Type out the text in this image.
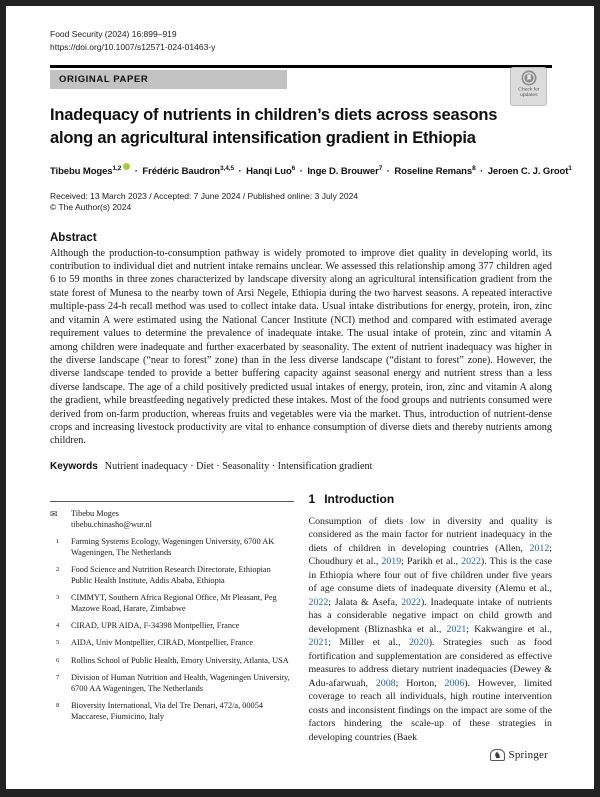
Food Security (2024) 16:899–919
https://doi.org/10.1007/s12571-024-01463-y
ORIGINAL PAPER
Check for
updates
Inadequacy of nutrients in children’s diets across seasons along an agricultural intensification gradient in Ethiopia
Tibebu Moges$^{1,2}$ · Frédéric Baudron$^{3,4,5}$ · Hanqi Luo$^6$ · Inge D. Brouwer$^7$ · Roseline Remans$^8$ · Jeroen C. J. Groot$^1$
Received: 13 March 2023 / Accepted: 7 June 2024 / Published online: 3 July 2024
© The Author(s) 2024
Abstract

Although the production-to-consumption pathway is widely promoted to improve diet quality in developing world, its contribution to individual diet and nutrient intake remains unclear. We assessed this relationship among 377 children aged 6 to 59 months in three zones characterized by landscape diversity along an agricultural intensification gradient from the state forest of Munesa to the nearby town of Arsi Negele, Ethiopia during the two harvest seasons. A repeated interactive multiple-pass 24-h recall method was used to collect intake data. Usual intake distributions for energy, protein, iron, zinc and vitamin A were estimated using the National Cancer Institute (NCI) method and compared with estimated average requirement values to determine the prevalence of inadequate intake. The usual intake of protein, zinc and vitamin A among children were inadequate and further exacerbated by seasonality. The extent of nutrient inadequacy was higher in the diverse landscape (“near to forest” zone) than in the less diverse landscape (“distant to forest” zone). However, the diverse landscape tended to provide a better buffering capacity against seasonal energy and nutrient stress than a less diverse landscape. The age of a child positively predicted usual intakes of energy, protein, iron, zinc and vitamin A along the gradient, while breastfeeding negatively predicted these intakes. Most of the food groups and nutrients consumed were derived from on-farm production, whereas fruits and vegetables were via the market. Thus, introduction of nutrient-dense crops and increasing livestock productivity are vital to enhance consumption of diverse diets and thereby nutrients among children.

Keywords Nutrient inadequacy · Diet · Seasonality · Intensification gradient
✉	Tibebu Moges
tibebu.chinasho@wur.nl
1	Farming Systems Ecology, Wageningen University, 6700 AK Wageningen, The Netherlands
2	Food Science and Nutrition Research Directorate, Ethiopian Public Health Institute, Addis Ababa, Ethiopia
3	CIMMYT, Southern Africa Regional Office, Mt Pleasant, Peg Mazowe Road, Harare, Zimbabwe
4	CIRAD, UPR AIDA, F-34398 Montpellier, France
5	AIDA, Univ Montpellier, CIRAD, Montpellier, France
6	Rollins School of Public Health, Emory University, Atlanta, USA
7	Division of Human Nutrition and Health, Wageningen University, 6700 AA Wageningen, The Netherlands
8	Bioversity International, Via del Tre Denari, 472/a, 00054 Maccarese, Fiumicino, Italy
1 Introduction

Consumption of diets low in diversity and quality is considered as the main factor for nutrient inadequacy in the diets of children in developing countries (Allen, 2012; Choudhury et al., 2019; Parikh et al., 2022). This is the case in Ethiopia where four out of five children under five years of age consume diets of inadequate diversity (Alemu et al., 2022; Jalata & Asefa, 2022). Inadequate intake of nutrients has a considerable negative impact on child growth and development (Bliznashka et al., 2021; Kakwangire et al., 2021; Miller et al., 2020). Strategies such as food fortification and supplementation are considered as effective measures to address dietary nutrient inadequacies (Dewey & Adu-afarwuah, 2008; Horton, 2006). However, limited coverage to reach all individuals, high routine intervention costs and inconsistent findings on the impact are some of the factors hindering the scale-up of these strategies in developing countries (Baek

♞ Springer
